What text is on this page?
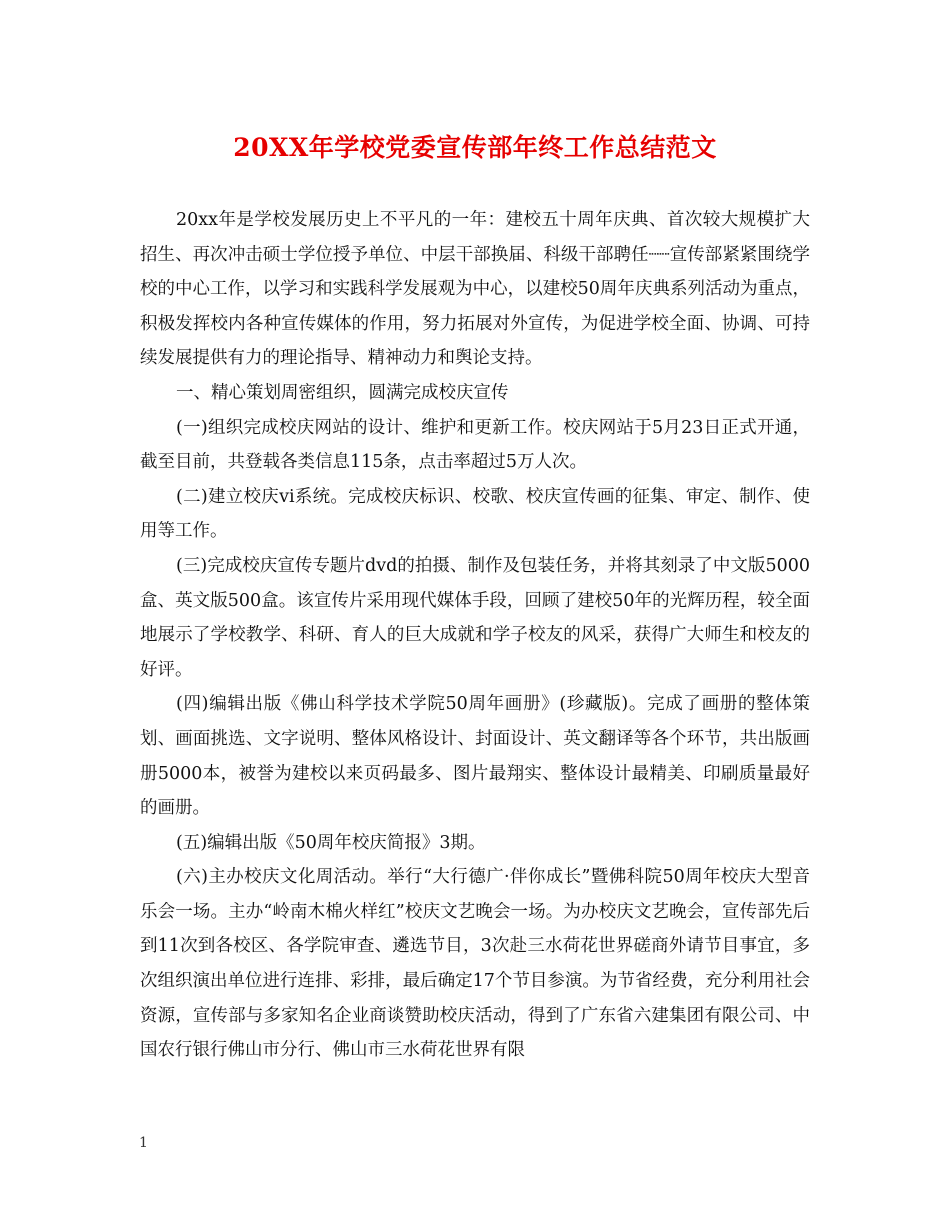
20XX年学校党委宣传部年终工作总结范文

20xx年是学校发展历史上不平凡的一年：建校五十周年庆典、首次较大规模扩大招生、再次冲击硕士学位授予单位、中层干部换届、科级干部聘任┈┈宣传部紧紧围绕学校的中心工作，以学习和实践科学发展观为中心，以建校50周年庆典系列活动为重点，积极发挥校内各种宣传媒体的作用，努力拓展对外宣传，为促进学校全面、协调、可持续发展提供有力的理论指导、精神动力和舆论支持。

一、精心策划周密组织，圆满完成校庆宣传

(一)组织完成校庆网站的设计、维护和更新工作。校庆网站于5月23日正式开通，截至目前，共登载各类信息115条，点击率超过5万人次。

(二)建立校庆vi系统。完成校庆标识、校歌、校庆宣传画的征集、审定、制作、使用等工作。

(三)完成校庆宣传专题片dvd的拍摄、制作及包装任务，并将其刻录了中文版5000盒、英文版500盒。该宣传片采用现代媒体手段，回顾了建校50年的光辉历程，较全面地展示了学校教学、科研、育人的巨大成就和学子校友的风采，获得广大师生和校友的好评。

(四)编辑出版《佛山科学技术学院50周年画册》(珍藏版)。完成了画册的整体策划、画面挑选、文字说明、整体风格设计、封面设计、英文翻译等各个环节，共出版画册5000本，被誉为建校以来页码最多、图片最翔实、整体设计最精美、印刷质量最好的画册。

(五)编辑出版《50周年校庆简报》3期。

(六)主办校庆文化周活动。举行“大行德广·伴你成长”暨佛科院50周年校庆大型音乐会一场。主办“岭南木棉火样红”校庆文艺晚会一场。为办校庆文艺晚会，宣传部先后到11次到各校区、各学院审查、遴选节目，3次赴三水荷花世界磋商外请节目事宜，多次组织演出单位进行连排、彩排，最后确定17个节目参演。为节省经费，充分利用社会资源，宣传部与多家知名企业商谈赞助校庆活动，得到了广东省六建集团有限公司、中国农行银行佛山市分行、佛山市三水荷花世界有限

1
